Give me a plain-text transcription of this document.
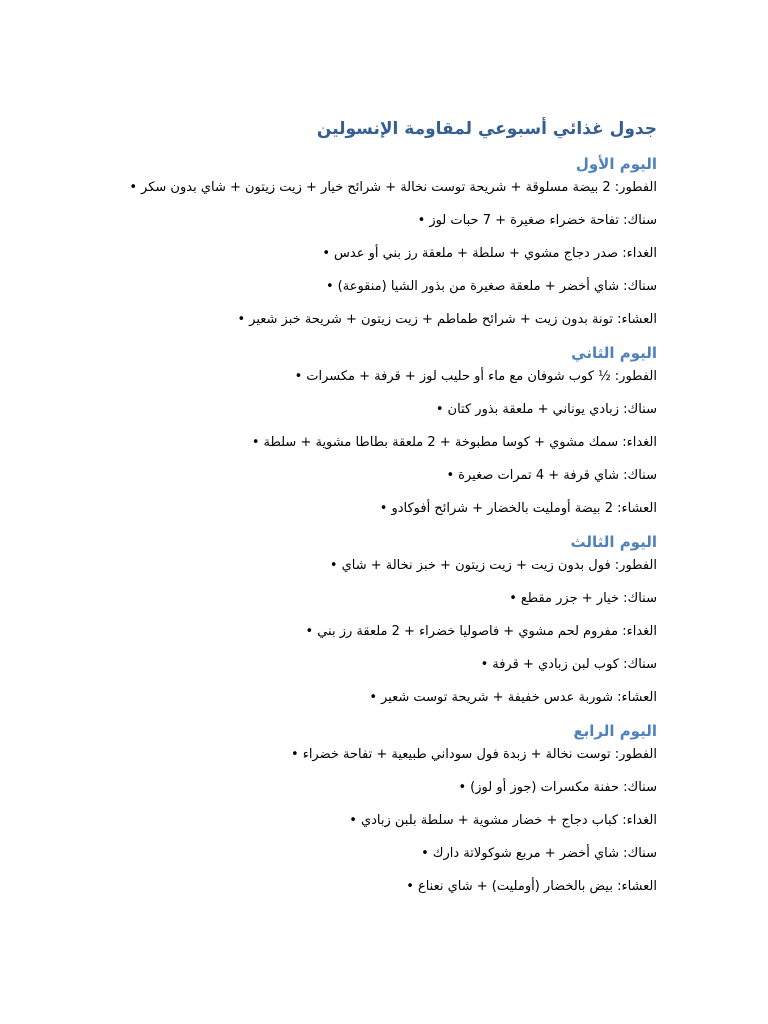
جدول غذائي أسبوعي لمقاومة الإنسولين
اليوم الأول

الفطور: 2 بيضة مسلوقة + شريحة توست نخالة + شرائح خيار + زيت زيتون + شاي بدون سكر•

سناك: تفاحة خضراء صغيرة + 7 حبات لوز•

الغداء: صدر دجاج مشوي + سلطة + ملعقة رز بني أو عدس•

سناك: شاي أخضر + ملعقة صغيرة من بذور الشيا (منقوعة)•

العشاء: تونة بدون زيت + شرائح طماطم + زيت زيتون + شريحة خبز شعير•

اليوم الثاني

الفطور: ½ كوب شوفان مع ماء أو حليب لوز + قرفة + مكسرات•

سناك: زبادي يوناني + ملعقة بذور كتان•

الغداء: سمك مشوي + كوسا مطبوخة + 2 ملعقة بطاطا مشوية + سلطة•

سناك: شاي قرفة + 4 تمرات صغيرة•

العشاء: 2 بيضة أومليت بالخضار + شرائح أفوكادو•

اليوم الثالث

الفطور: فول بدون زيت + زيت زيتون + خبز نخالة + شاي•

سناك: خيار + جزر مقطع•

الغداء: مفروم لحم مشوي + فاصوليا خضراء + 2 ملعقة رز بني•

سناك: كوب لبن زبادي + قرفة•

العشاء: شوربة عدس خفيفة + شريحة توست شعير•

اليوم الرابع

الفطور: توست نخالة + زبدة فول سوداني طبيعية + تفاحة خضراء•

سناك: حفنة مكسرات (جوز أو لوز)•

الغداء: كباب دجاج + خضار مشوية + سلطة بلبن زبادي•

سناك: شاي أخضر + مربع شوكولاتة دارك•

العشاء: بيض بالخضار (أومليت) + شاي نعناع•
